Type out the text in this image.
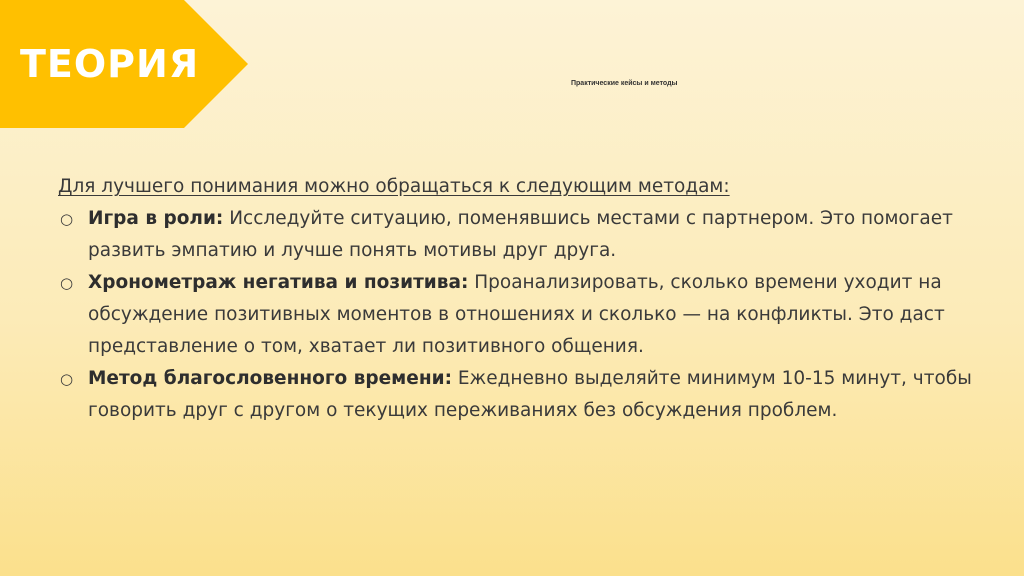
ТЕОРИЯ	Практические кейсы и методы

Для лучшего понимания можно обращаться к следующим методам:

○ Игра в роли: Исследуйте ситуацию, поменявшись местами с партнером. Это помогает развить эмпатию и лучше понять мотивы друг друга.
○ Хронометраж негатива и позитива: Проанализировать, сколько времени уходит на обсуждение позитивных моментов в отношениях и сколько — на конфликты. Это даст представление о том, хватает ли позитивного общения.
○ Метод благословенного времени: Ежедневно выделяйте минимум 10-15 минут, чтобы говорить друг с другом о текущих переживаниях без обсуждения проблем.
